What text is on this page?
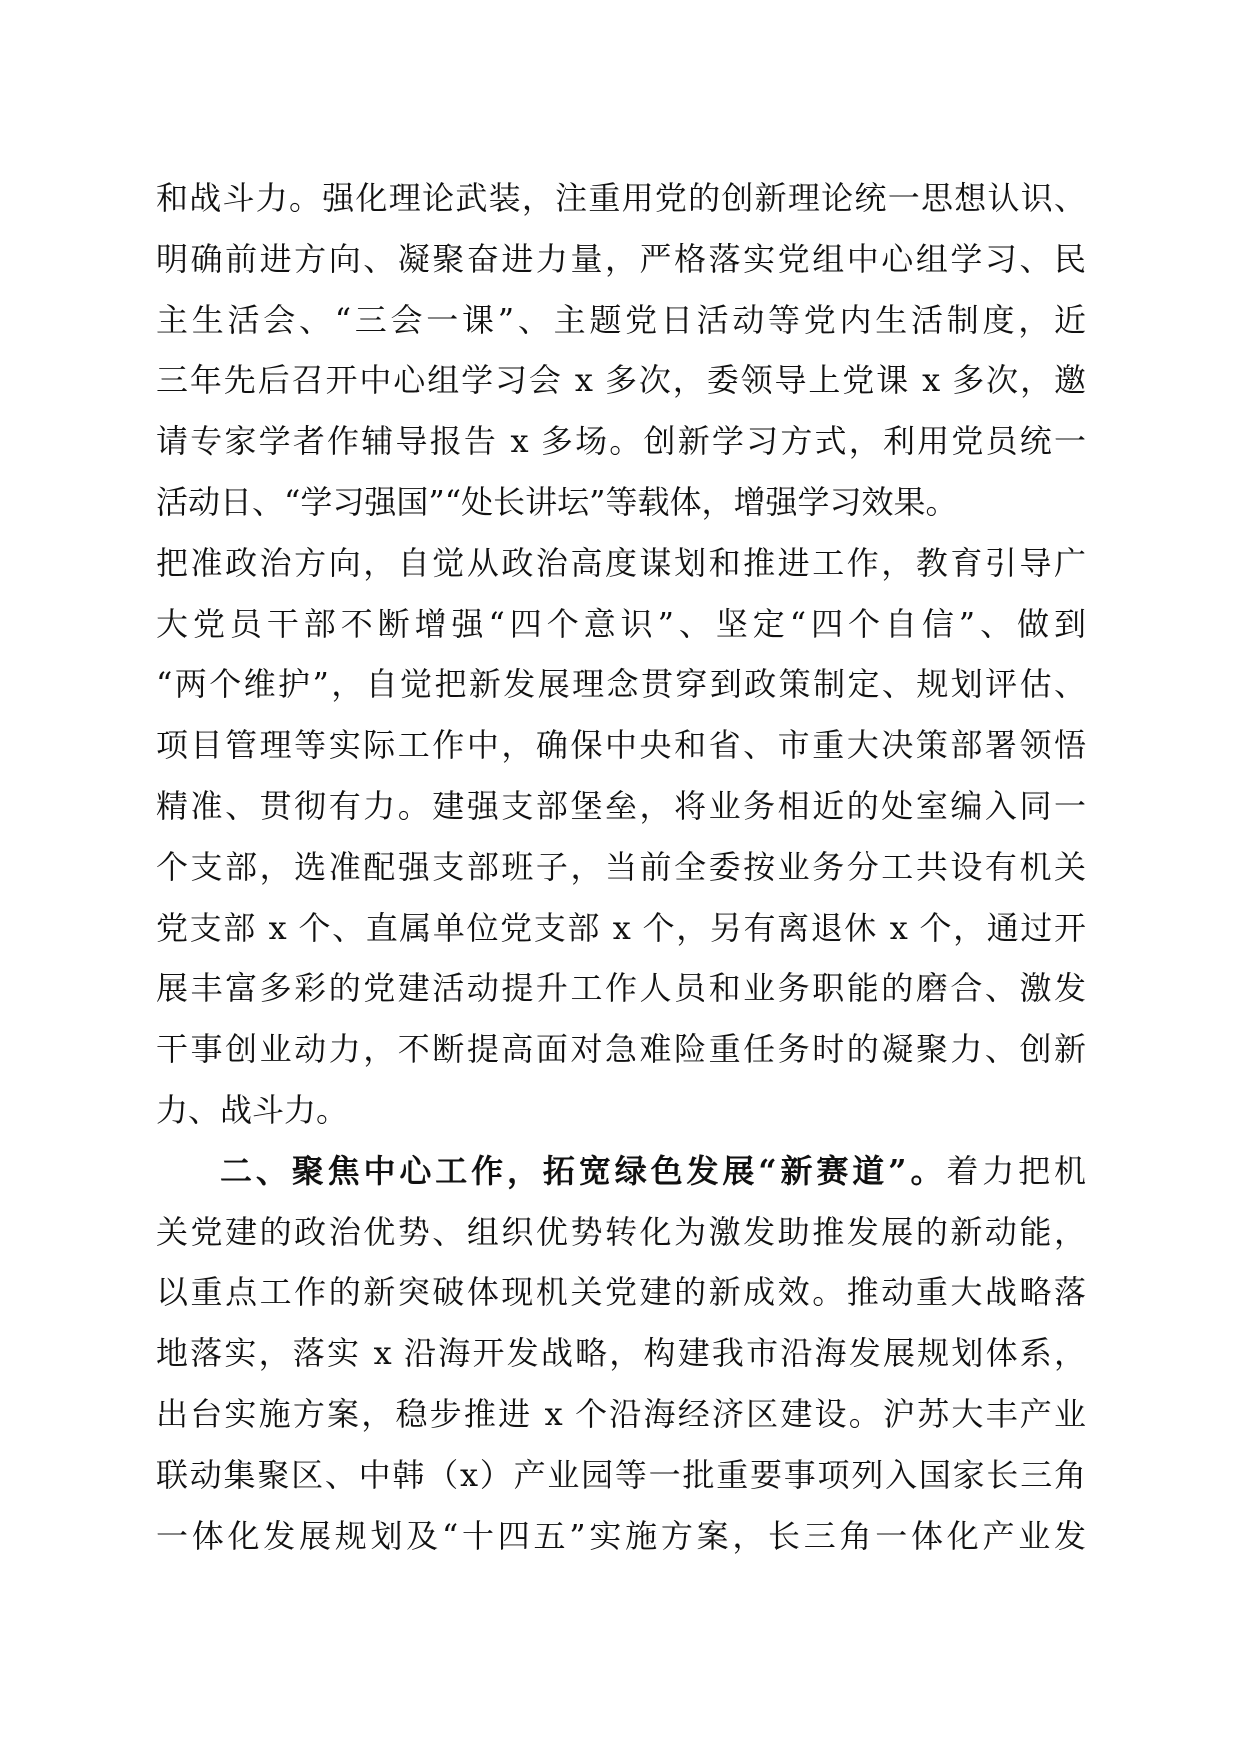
和战斗力。强化理论武装，注重用党的创新理论统一思想认识、
明确前进方向、凝聚奋进力量，严格落实党组中心组学习、民
主生活会、“三会一课”、主题党日活动等党内生活制度，近
三年先后召开中心组学习会 x 多次，委领导上党课 x 多次，邀
请专家学者作辅导报告 x 多场。创新学习方式，利用党员统一
活动日、“学习强国”“处长讲坛”等载体，增强学习效果。
把准政治方向，自觉从政治高度谋划和推进工作，教育引导广
大党员干部不断增强“四个意识”、坚定“四个自信”、做到
“两个维护”，自觉把新发展理念贯穿到政策制定、规划评估、
项目管理等实际工作中，确保中央和省、市重大决策部署领悟
精准、贯彻有力。建强支部堡垒，将业务相近的处室编入同一
个支部，选准配强支部班子，当前全委按业务分工共设有机关
党支部 x 个、直属单位党支部 x 个，另有离退休 x 个，通过开
展丰富多彩的党建活动提升工作人员和业务职能的磨合、激发
干事创业动力，不断提高面对急难险重任务时的凝聚力、创新
力、战斗力。
二、聚焦中心工作，拓宽绿色发展“新赛道”。着力把机
关党建的政治优势、组织优势转化为激发助推发展的新动能，
以重点工作的新突破体现机关党建的新成效。推动重大战略落
地落实，落实 x 沿海开发战略，构建我市沿海发展规划体系，
出台实施方案，稳步推进 x 个沿海经济区建设。沪苏大丰产业
联动集聚区、中韩（x）产业园等一批重要事项列入国家长三角
一体化发展规划及“十四五”实施方案，长三角一体化产业发
